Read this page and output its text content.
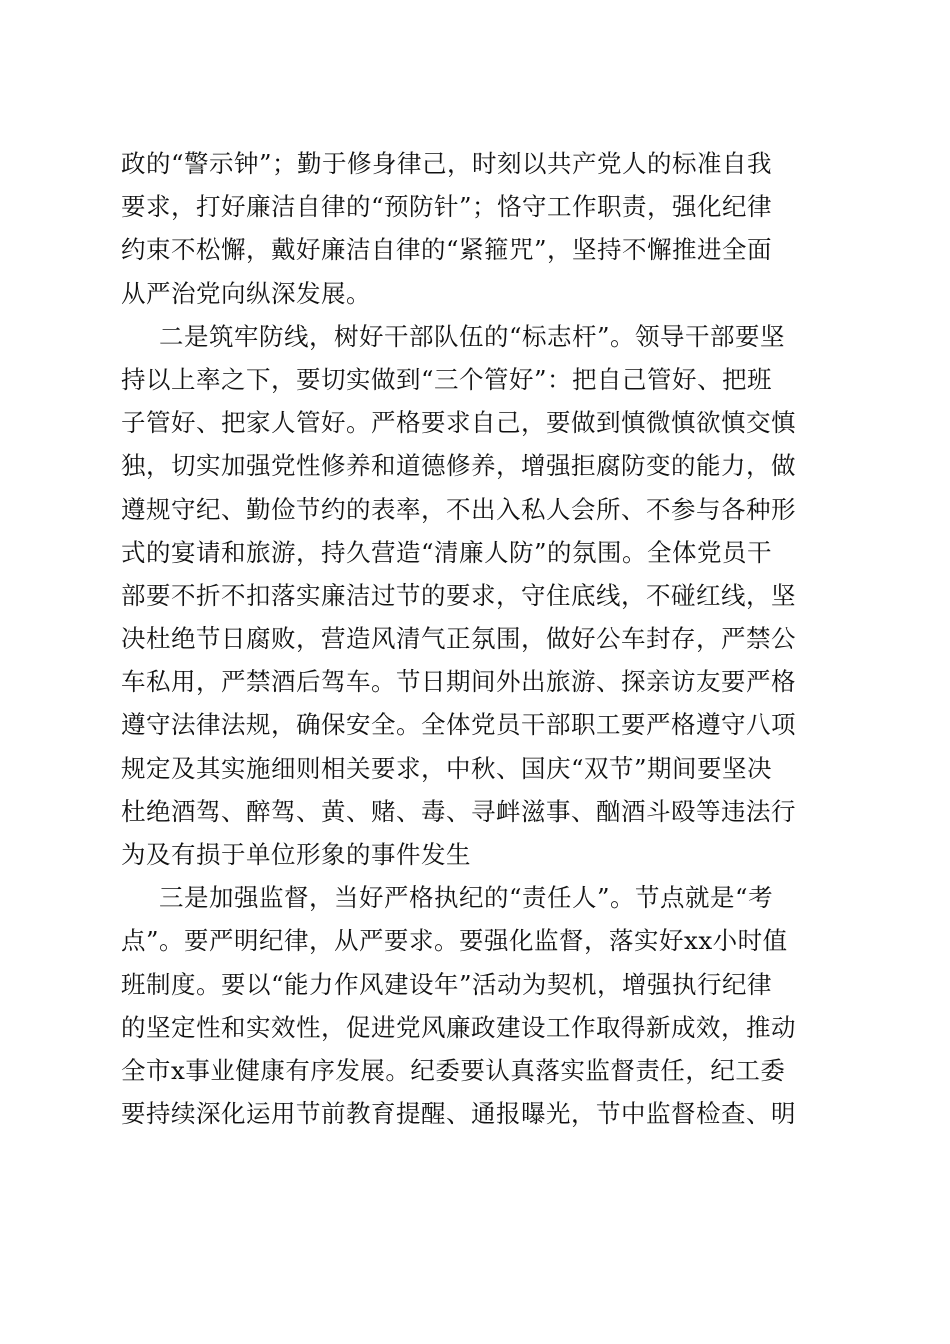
政的“警示钟”；勤于修身律己，时刻以共产党人的标准自我
要求，打好廉洁自律的“预防针”；恪守工作职责，强化纪律
约束不松懈，戴好廉洁自律的“紧箍咒”，坚持不懈推进全面
从严治党向纵深发展。
二是筑牢防线，树好干部队伍的“标志杆”。领导干部要坚
持以上率之下，要切实做到“三个管好”：把自己管好、把班
子管好、把家人管好。严格要求自己，要做到慎微慎欲慎交慎
独，切实加强党性修养和道德修养，增强拒腐防变的能力，做
遵规守纪、勤俭节约的表率，不出入私人会所、不参与各种形
式的宴请和旅游，持久营造“清廉人防”的氛围。全体党员干
部要不折不扣落实廉洁过节的要求，守住底线，不碰红线，坚
决杜绝节日腐败，营造风清气正氛围，做好公车封存，严禁公
车私用，严禁酒后驾车。节日期间外出旅游、探亲访友要严格
遵守法律法规，确保安全。全体党员干部职工要严格遵守八项
规定及其实施细则相关要求，中秋、国庆“双节”期间要坚决
杜绝酒驾、醉驾、黄、赌、毒、寻衅滋事、酗酒斗殴等违法行
为及有损于单位形象的事件发生
三是加强监督，当好严格执纪的“责任人”。节点就是“考
点”。要严明纪律，从严要求。要强化监督，落实好xx小时值
班制度。要以“能力作风建设年”活动为契机，增强执行纪律
的坚定性和实效性，促进党风廉政建设工作取得新成效，推动
全市x事业健康有序发展。纪委要认真落实监督责任，纪工委
要持续深化运用节前教育提醒、通报曝光，节中监督检查、明
